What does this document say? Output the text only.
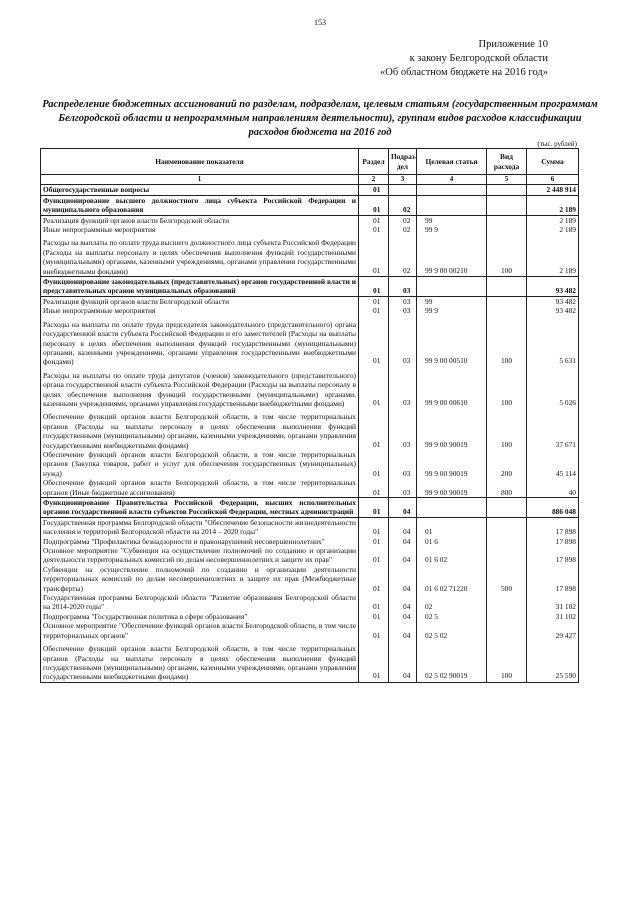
153
Приложение 10
к закону Белгородской области
«Об областном бюджете на 2016 год»
Распределение бюджетных ассигнований по разделам, подразделам, целевым статьям (государственным программам Белгородской области и непрограммным направлениям деятельности), группам видов расходов классификации расходов бюджета на 2016 год
(тыс. рублей)
Наименование показателя	Раздел	Подраз-дел	Целевая статья	Вид расхода	Сумма
1	2	3	4	5	6
Общегосударственные вопросы	01				2 448 914
Функционирование высшего должностного лица субъекта Российской Федерации и муниципального образования	01	02			2 189
Реализация функций органов власти Белгородской области	01	02	99		2 189
Иные непрограммные мероприятия	01	02	99 9		2 189
Расходы на выплаты по оплате труда высшего должностного лица субъекта Российской Федерации (Расходы на выплаты персоналу в целях обеспечения выполнения функций государственными (муниципальными) органами, казенными учреждениями, органами управления государственными внебюджетными фондами)	01	02	99 9 00 00210	100	2 189
Функционирование законодательных (представительных) органов государственной власти и представительных органов муниципальных образований	01	03			93 482
Реализация функций органов власти Белгородской области	01	03	99		93 482
Иные непрограммные мероприятия	01	03	99 9		93 482
Расходы на выплаты по оплате труда председателя законодательного (представительного) органа государственной власти субъекта Российской Федерации и его заместителей (Расходы на выплаты персоналу в целях обеспечения выполнения функций государственными (муниципальными) органами, казенными учреждениями, органами управления государственными внебюджетными фондами)	01	03	99 9 00 00510	100	5 631
Расходы на выплаты по оплате труда депутатов (членов) законодательного (представительного) органа государственной власти субъекта Российской Федерации (Расходы на выплаты персоналу в целях обеспечения выполнения функций государственными (муниципальными) органами, казенными учреждениями, органами управления государственными внебюджетными фондами)	01	03	99 9 00 00610	100	5 026
Обеспечение функций органов власти Белгородской области, в том числе территориальных органов (Расходы на выплаты персоналу в целях обеспечения выполнения функций государственными (муниципальными) органами, казенными учреждениями, органами управления государственными внебюджетными фондами)	01	03	99 9 00 90019	100	37 671
Обеспечение функций органов власти Белгородской области, в том числе территориальных органов (Закупка товаров, работ и услуг для обеспечения государственных (муниципальных) нужд)	01	03	99 9 00 90019	200	45 114
Обеспечение функций органов власти Белгородской области, в том числе территориальных органов (Иные бюджетные ассигнования)	01	03	99 9 00 90019	800	40
Функционирование Правительства Российской Федерации, высших исполнительных органов государственной власти субъектов Российской Федерации, местных администраций	01	04			886 048
Государственная программа Белгородской области "Обеспечение безопасности жизнедеятельности населения и территорий Белгородской области на 2014 – 2020 годы"	01	04	01		17 898
Подпрограмма "Профилактика безнадзорности и правонарушений несовершеннолетних"	01	04	01 6		17 898
Основное мероприятие "Субвенции на осуществление полномочий по созданию и организации деятельности территориальных комиссий по делам несовершеннолетних и защите их прав"	01	04	01 6 02		17 898
Субвенции на осуществление полномочий по созданию и организации деятельности территориальных комиссий по делам несовершеннолетних и защите их прав (Межбюджетные трансферты)	01	04	01 6 02 71220	500	17 898
Государственная программа Белгородской области "Развитие образования Белгородской области на 2014-2020 годы"	01	04	02		31 102
Подпрограмма "Государственная политика в сфере образования"	01	04	02 5		31 102
Основное мероприятие "Обеспечение функций органов власти Белгородской области, в том числе территориальных органов"	01	04	02 5 02		29 427
Обеспечение функций органов власти Белгородской области, в том числе территориальных органов (Расходы на выплаты персоналу в целях обеспечения выполнения функций государственными (муниципальными) органами, казенными учреждениями, органами управления государственными внебюджетными фондами)	01	04	02 5 02 90019	100	25 590
